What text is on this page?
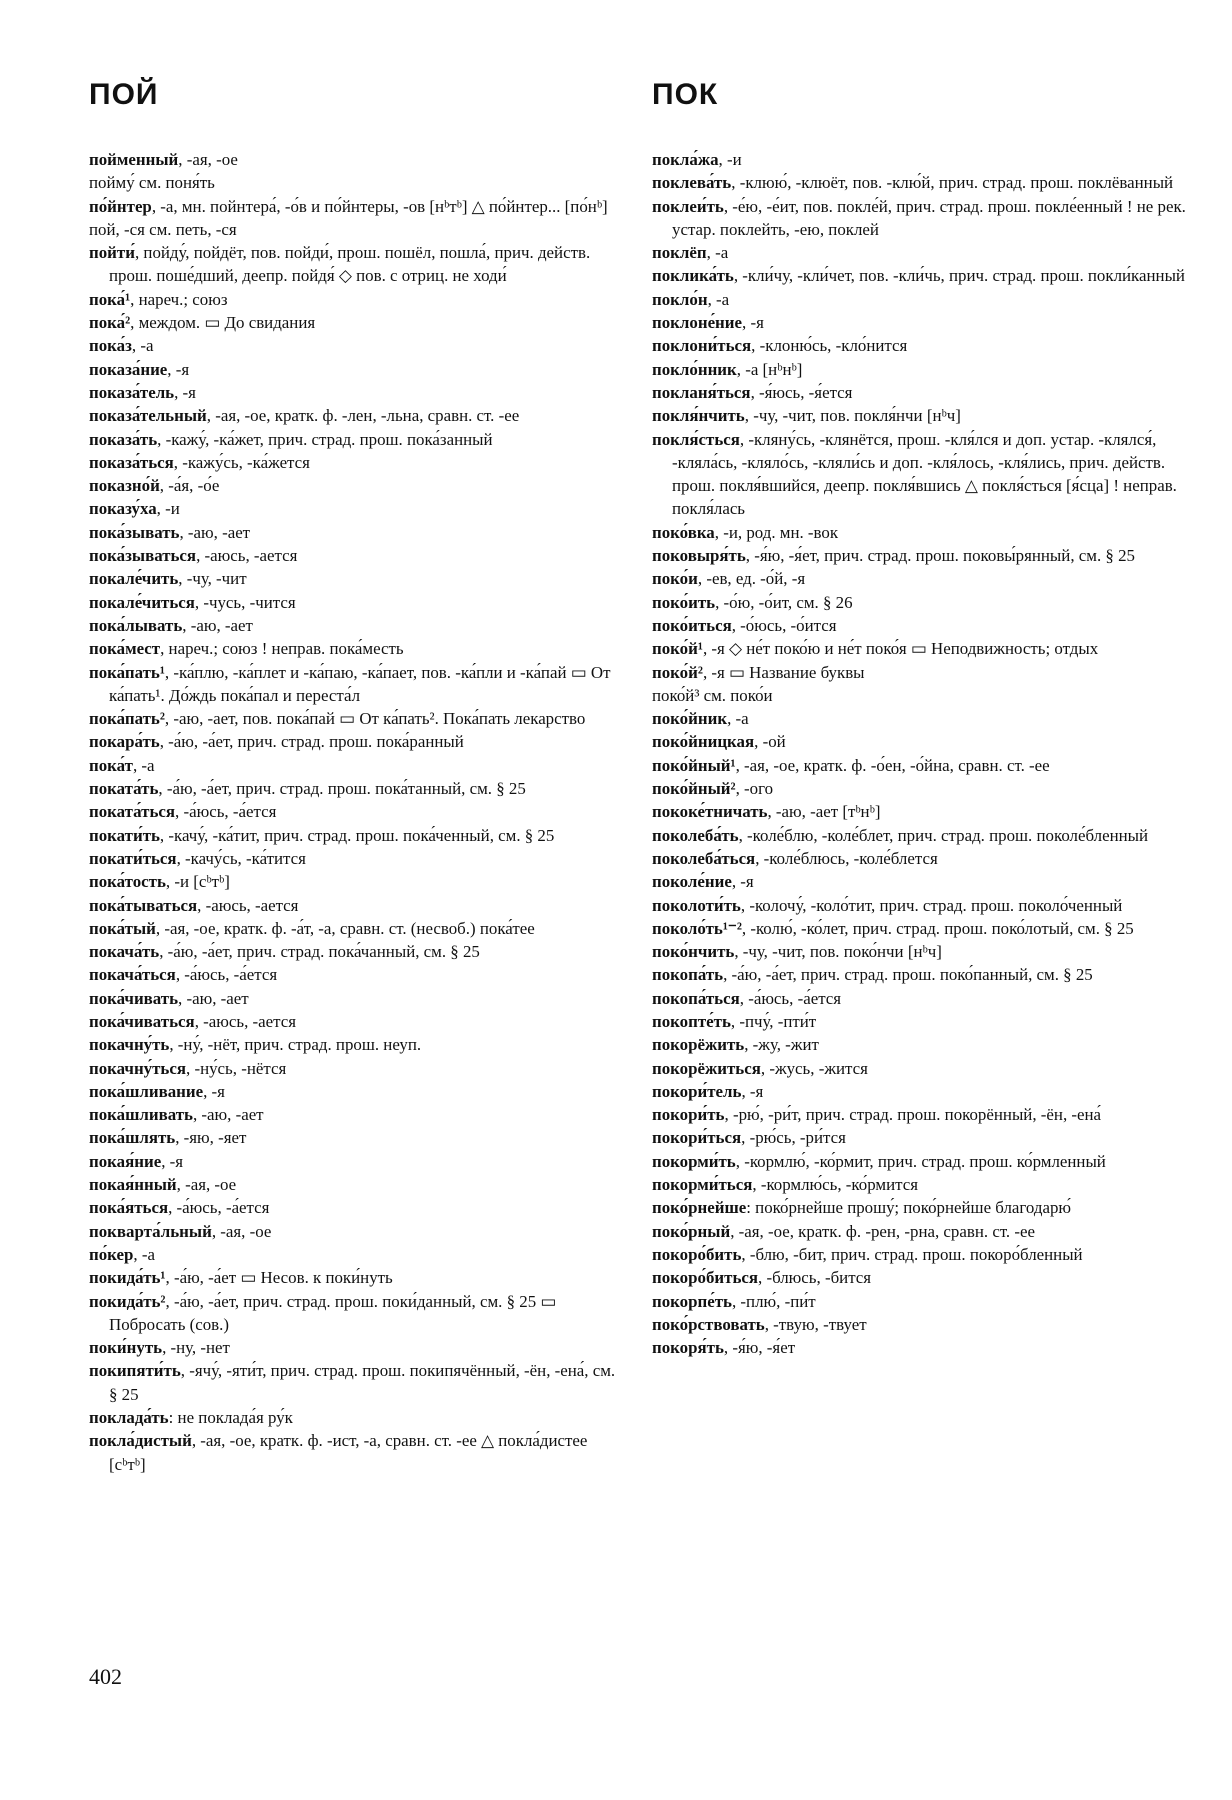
ПОЙ	ПОК

пойменный, -ая, -ое

пойму́ см. поня́ть

по́йнтер, -а, мн. пойнтера́, -о́в и по́йнтеры, -ов [нᵇтᵇ] △ по́йнтер... [по́нᵇ]

пой, -ся см. петь, -ся

пойти́, пойду́, пойдёт, пов. пойди́, прош. пошёл, пошла́, прич. действ. прош. поше́дший, деепр. пойдя́ ◇ пов. с отриц. не ходи́

пока́¹, нареч.; союз

пока́², междом. ▭ До свидания

пока́з, -а

показа́ние, -я

показа́тель, -я

показа́тельный, -ая, -ое, кратк. ф. -лен, -льна, сравн. ст. -ее

показа́ть, -кажу́, -ка́жет, прич. страд. прош. пока́занный

показа́ться, -кажу́сь, -ка́жется

показно́й, -а́я, -о́е

показу́ха, -и

пока́зывать, -аю, -ает

пока́зываться, -аюсь, -ается

покале́чить, -чу, -чит

покале́читься, -чусь, -чится

пока́лывать, -аю, -ает

пока́мест, нареч.; союз ! неправ. пока́месть

пока́пать¹, -ка́плю, -ка́плет и -ка́паю, -ка́пает, пов. -ка́пли и -ка́пай ▭ От ка́пать¹. До́ждь пока́пал и переста́л

пока́пать², -аю, -ает, пов. пока́пай ▭ От ка́пать². Пока́пать лекарство

покара́ть, -а́ю, -а́ет, прич. страд. прош. пока́ранный

пока́т, -а

поката́ть, -а́ю, -а́ет, прич. страд. прош. пока́танный, см. § 25

поката́ться, -а́юсь, -а́ется

покати́ть, -качу́, -ка́тит, прич. страд. прош. пока́ченный, см. § 25

покати́ться, -качу́сь, -ка́тится

пока́тость, -и [сᵇтᵇ]

пока́тываться, -аюсь, -ается

пока́тый, -ая, -ое, кратк. ф. -а́т, -а, сравн. ст. (несвоб.) пока́тее

покача́ть, -а́ю, -а́ет, прич. страд. пока́чанный, см. § 25

покача́ться, -а́юсь, -а́ется

пока́чивать, -аю, -ает

пока́чиваться, -аюсь, -ается

покачну́ть, -ну́, -нёт, прич. страд. прош. неуп.

покачну́ться, -ну́сь, -нётся

пока́шливание, -я

пока́шливать, -аю, -ает

пока́шлять, -яю, -яет

покая́ние, -я

покая́нный, -ая, -ое

пока́яться, -а́юсь, -а́ется

покварта́льный, -ая, -ое

по́кер, -а

покида́ть¹, -а́ю, -а́ет ▭ Несов. к поки́нуть

покида́ть², -а́ю, -а́ет, прич. страд. прош. поки́данный, см. § 25 ▭ Побросать (сов.)

поки́нуть, -ну, -нет

покипяти́ть, -ячу́, -яти́т, прич. страд. прош. покипячённый, -ён, -ена́, см. § 25

поклада́ть: не поклада́я ру́к

покла́дистый, -ая, -ое, кратк. ф. -ист, -а, сравн. ст. -ее △ покла́дистее [сᵇтᵇ]

покла́жа, -и

поклева́ть, -клюю́, -клюёт, пов. -клю́й, прич. страд. прош. поклёванный

поклеи́ть, -е́ю, -е́ит, пов. покле́й, прич. страд. прош. покле́енный ! не рек. устар. поклейть, -ею, поклей

поклёп, -а

поклика́ть, -кли́чу, -кли́чет, пов. -кли́чь, прич. страд. прош. покли́канный

покло́н, -а

поклоне́ние, -я

поклони́ться, -клоню́сь, -кло́нится

покло́нник, -а [нᵇнᵇ]

покланя́ться, -я́юсь, -я́ется

покля́нчить, -чу, -чит, пов. покля́нчи [нᵇч]

покля́сться, -кляну́сь, -клянётся, прош. -кля́лся и доп. устар. -клялся́, -кляла́сь, -кляло́сь, -кляли́сь и доп. -кля́лось, -кля́лись, прич. действ. прош. покля́вшийся, деепр. покля́вшись △ покля́сться [я́сца] ! неправ. покля́лась

поко́вка, -и, род. мн. -вок

поковыря́ть, -я́ю, -я́ет, прич. страд. прош. поковы́рянный, см. § 25

поко́и, -ев, ед. -о́й, -я

поко́ить, -о́ю, -о́ит, см. § 26

поко́иться, -о́юсь, -о́ится

поко́й¹, -я ◇ не́т поко́ю и не́т поко́я ▭ Неподвижность; отдых

поко́й², -я ▭ Название буквы

поко́й³ см. поко́и

поко́йник, -а

поко́йницкая, -ой

поко́йный¹, -ая, -ое, кратк. ф. -о́ен, -о́йна, сравн. ст. -ее

поко́йный², -ого

пококе́тничать, -аю, -ает [тᵇнᵇ]

поколеба́ть, -коле́блю, -коле́блет, прич. страд. прош. поколе́бленный

поколеба́ться, -коле́блюсь, -коле́блется

поколе́ние, -я

поколоти́ть, -колочу́, -коло́тит, прич. страд. прош. поколо́ченный

поколо́ть¹⁻², -колю́, -ко́лет, прич. страд. прош. поко́лотый, см. § 25

поко́нчить, -чу, -чит, пов. поко́нчи [нᵇч]

покопа́ть, -а́ю, -а́ет, прич. страд. прош. поко́панный, см. § 25

покопа́ться, -а́юсь, -а́ется

покопте́ть, -пчу́, -пти́т

покорёжить, -жу, -жит

покорёжиться, -жусь, -жится

покори́тель, -я

покори́ть, -рю́, -ри́т, прич. страд. прош. покорённый, -ён, -ена́

покори́ться, -рю́сь, -ри́тся

покорми́ть, -кормлю́, -ко́рмит, прич. страд. прош. ко́рмленный

покорми́ться, -кормлю́сь, -ко́рмится

поко́рнейше: поко́рнейше прошу́; поко́рнейше благодарю́

поко́рный, -ая, -ое, кратк. ф. -рен, -рна, сравн. ст. -ее

покоро́бить, -блю, -бит, прич. страд. прош. покоро́бленный

покоро́биться, -блюсь, -бится

покорпе́ть, -плю́, -пи́т

поко́рствовать, -твую, -твует

покоря́ть, -я́ю, -я́ет

402
